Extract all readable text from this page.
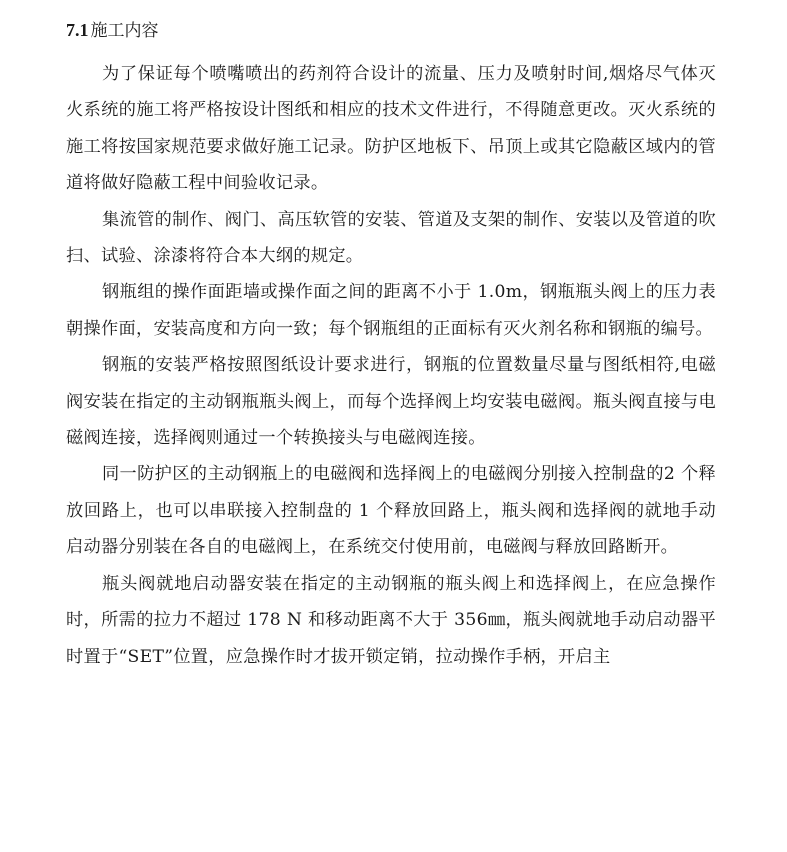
7.1 施工内容

为了保证每个喷嘴喷出的药剂符合设计的流量、压力及喷射时间,烟烙尽气体灭火系统的施工将严格按设计图纸和相应的技术文件进行，不得随意更改。灭火系统的施工将按国家规范要求做好施工记录。防护区地板下、吊顶上或其它隐蔽区域内的管道将做好隐蔽工程中间验收记录。

集流管的制作、阀门、高压软管的安装、管道及支架的制作、安装以及管道的吹扫、试验、涂漆将符合本大纲的规定。

钢瓶组的操作面距墙或操作面之间的距离不小于 1.0m，钢瓶瓶头阀上的压力表朝操作面，安装高度和方向一致；每个钢瓶组的正面标有灭火剂名称和钢瓶的编号。

钢瓶的安装严格按照图纸设计要求进行，钢瓶的位置数量尽量与图纸相符,电磁阀安装在指定的主动钢瓶瓶头阀上，而每个选择阀上均安装电磁阀。瓶头阀直接与电磁阀连接，选择阀则通过一个转换接头与电磁阀连接。

同一防护区的主动钢瓶上的电磁阀和选择阀上的电磁阀分别接入控制盘的2 个释放回路上，也可以串联接入控制盘的 1 个释放回路上，瓶头阀和选择阀的就地手动启动器分别装在各自的电磁阀上，在系统交付使用前，电磁阀与释放回路断开。

瓶头阀就地启动器安装在指定的主动钢瓶的瓶头阀上和选择阀上，在应急操作时，所需的拉力不超过 178 N 和移动距离不大于 356㎜，瓶头阀就地手动启动器平时置于“SET”位置，应急操作时才拔开锁定销，拉动操作手柄，开启主
